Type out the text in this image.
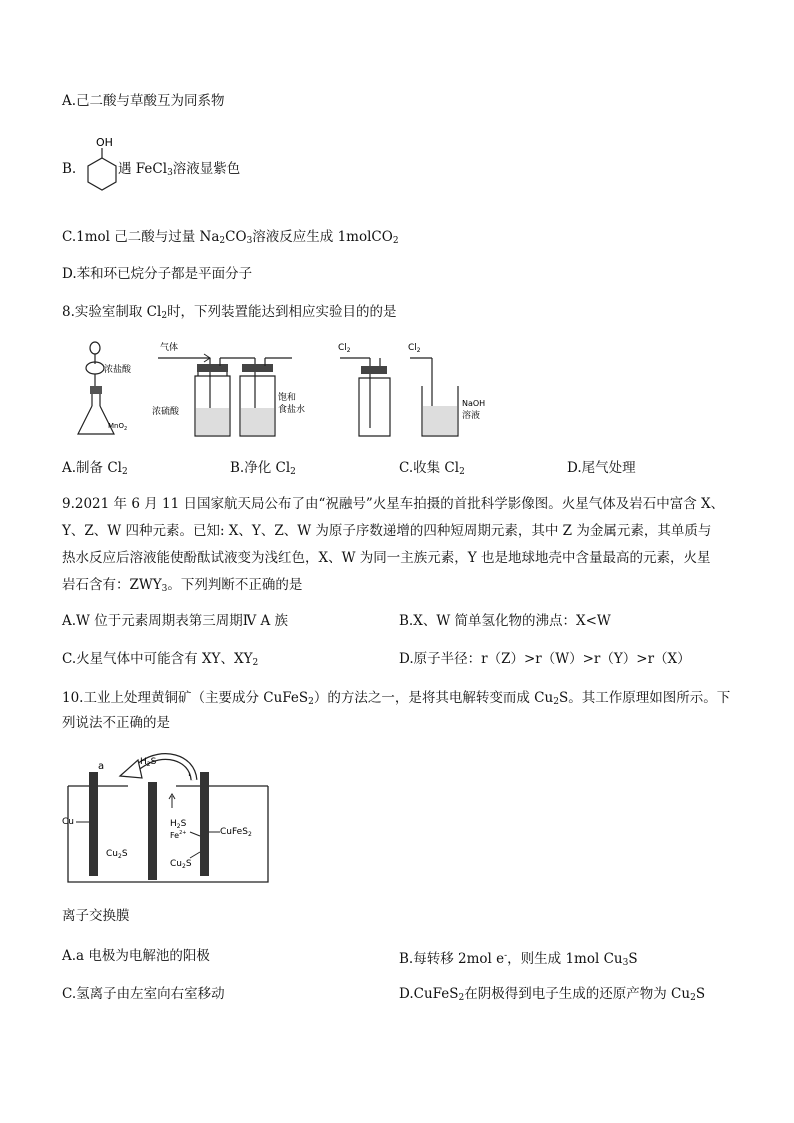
A.己二酸与草酸互为同系物
B.
OH
遇 FeCl$_3$溶液显紫色
C.1mol 己二酸与过量 $Na_2CO_3$溶液反应生成 1molCO$_2$
D.苯和环已烷分子都是平面分子
8.实验室制取 $Cl_2$时，下列装置能达到相应实验目的的是
浓盐酸
MnO$_2$
气体
浓硫酸
饱和
食盐水
$Cl_2$	$Cl_2$
NaOH
溶液
A.制备 $Cl_2$	B.净化 $Cl_2$	C.收集 $Cl_2$	D.尾气处理
9.2021 年 6 月 11 日国家航天局公布了由“祝融号”火星车拍摄的首批科学影像图。火星气体及岩石中富含 X、
Y、Z、W 四种元素。已知: X、Y、Z、W 为原子序数递增的四种短周期元素，其中 Z 为金属元素，其单质与
热水反应后溶液能使酚酞试液变为浅红色，X、W 为同一主族元素，Y 也是地球地壳中含量最高的元素，火星
岩石含有：$ZWY_3$。下列判断不正确的是
A.W 位于元素周期表第三周期Ⅳ A 族	B.X、W 简单氢化物的沸点：X<W
C.火星气体中可能含有 XY、$XY_2$	D.原子半径：r（Z）>r（W）>r（Y）>r（X）
10.工业上处理黄铜矿（主要成分 CuFeS$_2$）的方法之一，是将其电解转变而成 $Cu_2S$。其工作原理如图所示。下
列说法不正确的是
a
b
$H_2S$
Cu
$Cu_2S$
$H_2S$
$Fe^{2+}$	CuFeS$_2$
$Cu_2S$
离子交换膜
A.a 电极为电解池的阳极	B.每转移 2mol e-，则生成 1mol $Cu_3S$
C.氢离子由左室向右室移动	D.CuFeS$_2$在阴极得到电子生成的还原产物为 $Cu_2S$
